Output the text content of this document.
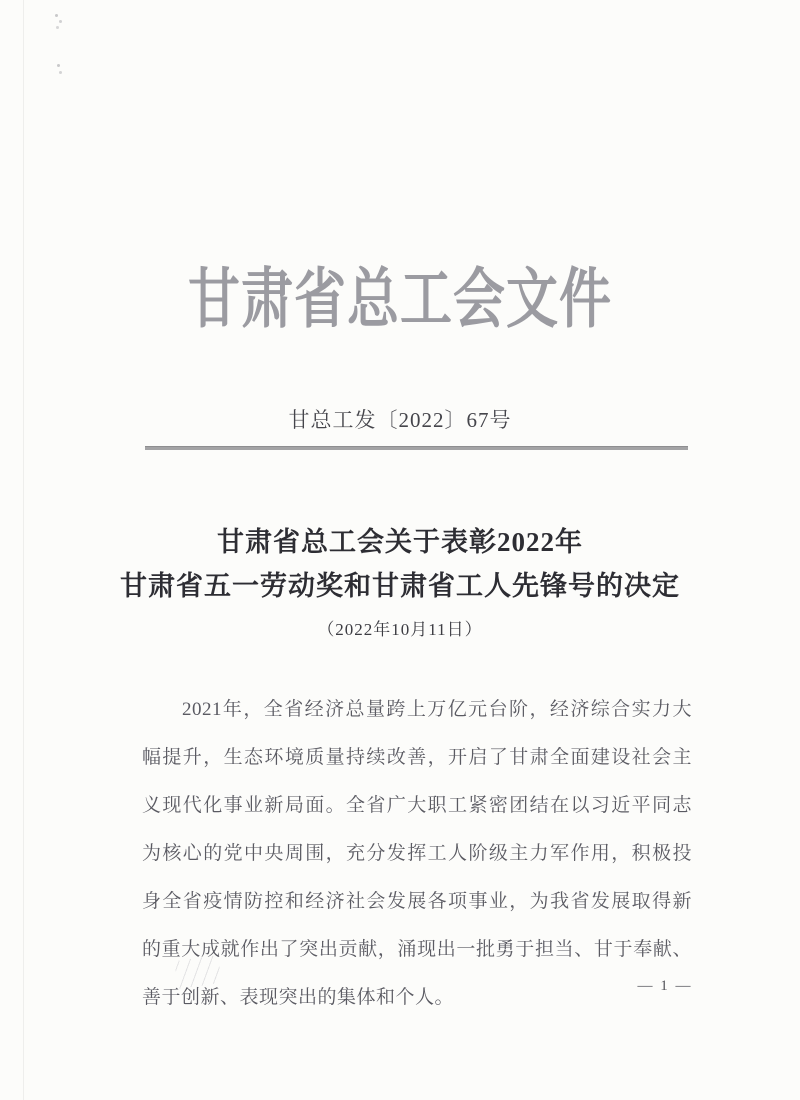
甘肃省总工会文件
甘总工发〔2022〕67号
甘肃省总工会关于表彰2022年
甘肃省五一劳动奖和甘肃省工人先锋号的决定
（2022年10月11日）
2021年，全省经济总量跨上万亿元台阶，经济综合实力大
幅提升，生态环境质量持续改善，开启了甘肃全面建设社会主
义现代化事业新局面。全省广大职工紧密团结在以习近平同志
为核心的党中央周围，充分发挥工人阶级主力军作用，积极投
身全省疫情防控和经济社会发展各项事业，为我省发展取得新
的重大成就作出了突出贡献，涌现出一批勇于担当、甘于奉献、
善于创新、表现突出的集体和个人。
— 1 —
